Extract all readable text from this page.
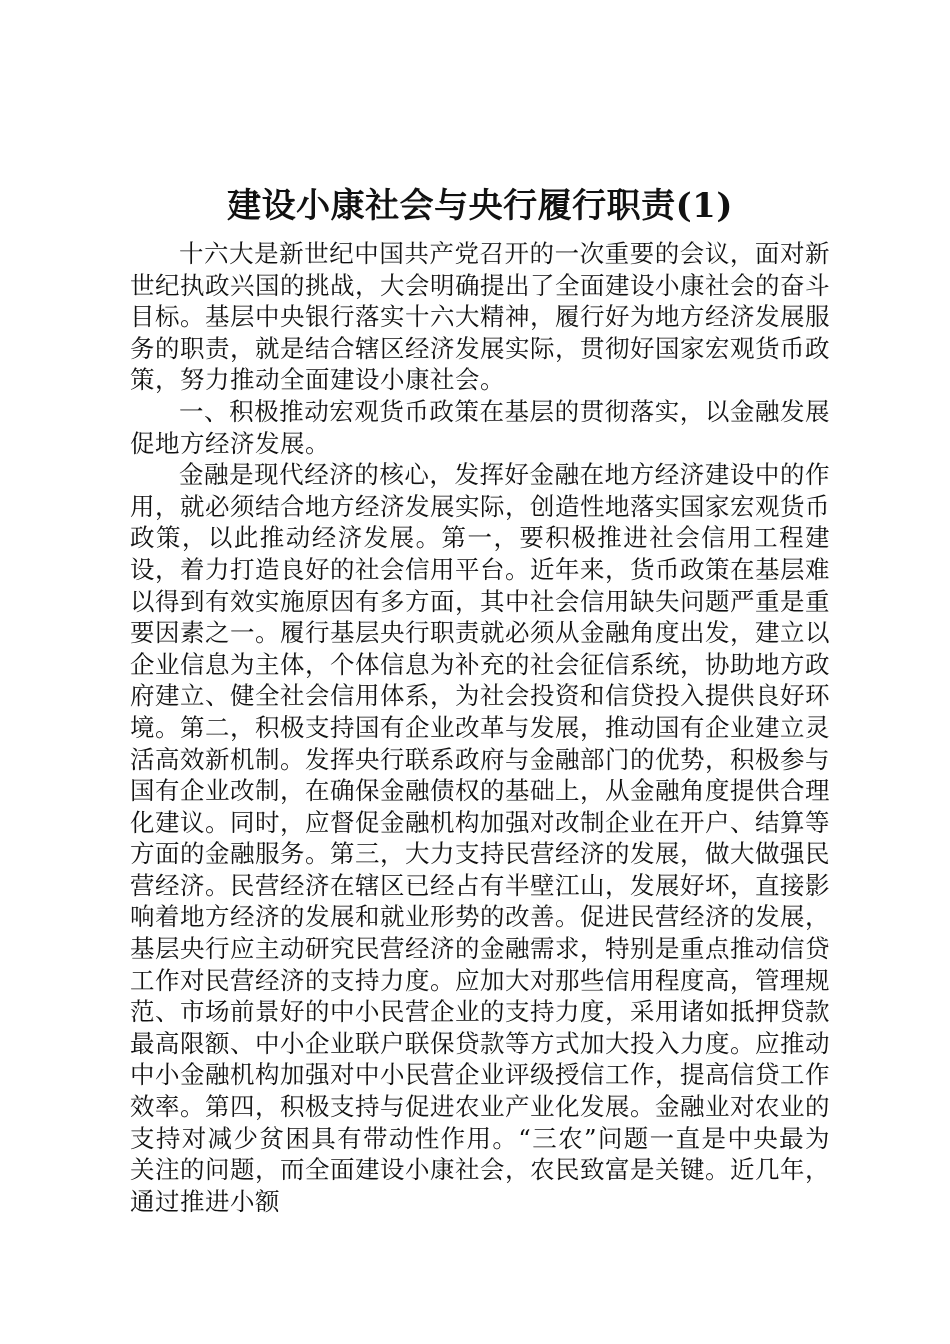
建设小康社会与央行履行职责(1)

十六大是新世纪中国共产党召开的一次重要的会议，面对新世纪执政兴国的挑战，大会明确提出了全面建设小康社会的奋斗目标。基层中央银行落实十六大精神，履行好为地方经济发展服务的职责，就是结合辖区经济发展实际，贯彻好国家宏观货币政策，努力推动全面建设小康社会。

一、积极推动宏观货币政策在基层的贯彻落实，以金融发展促地方经济发展。

金融是现代经济的核心，发挥好金融在地方经济建设中的作用，就必须结合地方经济发展实际，创造性地落实国家宏观货币政策，以此推动经济发展。第一，要积极推进社会信用工程建设，着力打造良好的社会信用平台。近年来，货币政策在基层难以得到有效实施原因有多方面，其中社会信用缺失问题严重是重要因素之一。履行基层央行职责就必须从金融角度出发，建立以企业信息为主体，个体信息为补充的社会征信系统，协助地方政府建立、健全社会信用体系，为社会投资和信贷投入提供良好环境。第二，积极支持国有企业改革与发展，推动国有企业建立灵活高效新机制。发挥央行联系政府与金融部门的优势，积极参与国有企业改制，在确保金融债权的基础上，从金融角度提供合理化建议。同时，应督促金融机构加强对改制企业在开户、结算等方面的金融服务。第三，大力支持民营经济的发展，做大做强民营经济。民营经济在辖区已经占有半壁江山，发展好坏，直接影响着地方经济的发展和就业形势的改善。促进民营经济的发展，基层央行应主动研究民营经济的金融需求，特别是重点推动信贷工作对民营经济的支持力度。应加大对那些信用程度高，管理规范、市场前景好的中小民营企业的支持力度，采用诸如抵押贷款最高限额、中小企业联户联保贷款等方式加大投入力度。应推动中小金融机构加强对中小民营企业评级授信工作，提高信贷工作效率。第四，积极支持与促进农业产业化发展。金融业对农业的支持对减少贫困具有带动性作用。“三农”问题一直是中央最为关注的问题，而全面建设小康社会，农民致富是关键。近几年，通过推进小额
